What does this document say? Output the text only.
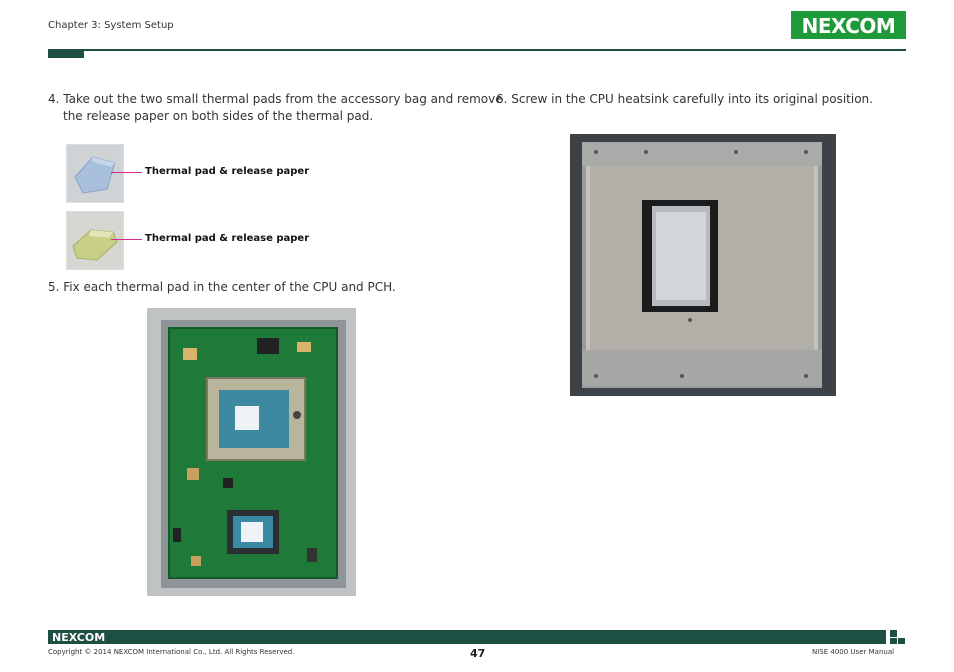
Chapter 3: System Setup	NEXCOM
4. Take out the two small thermal pads from the accessory bag and remove
the release paper on both sides of the thermal pad.
Thermal pad & release paper
Thermal pad & release paper
5. Fix each thermal pad in the center of the CPU and PCH.
6. Screw in the CPU heatsink carefully into its original position.
NEXCOM
Copyright © 2014 NEXCOM International Co., Ltd. All Rights Reserved.	47	NISE 4000 User Manual
